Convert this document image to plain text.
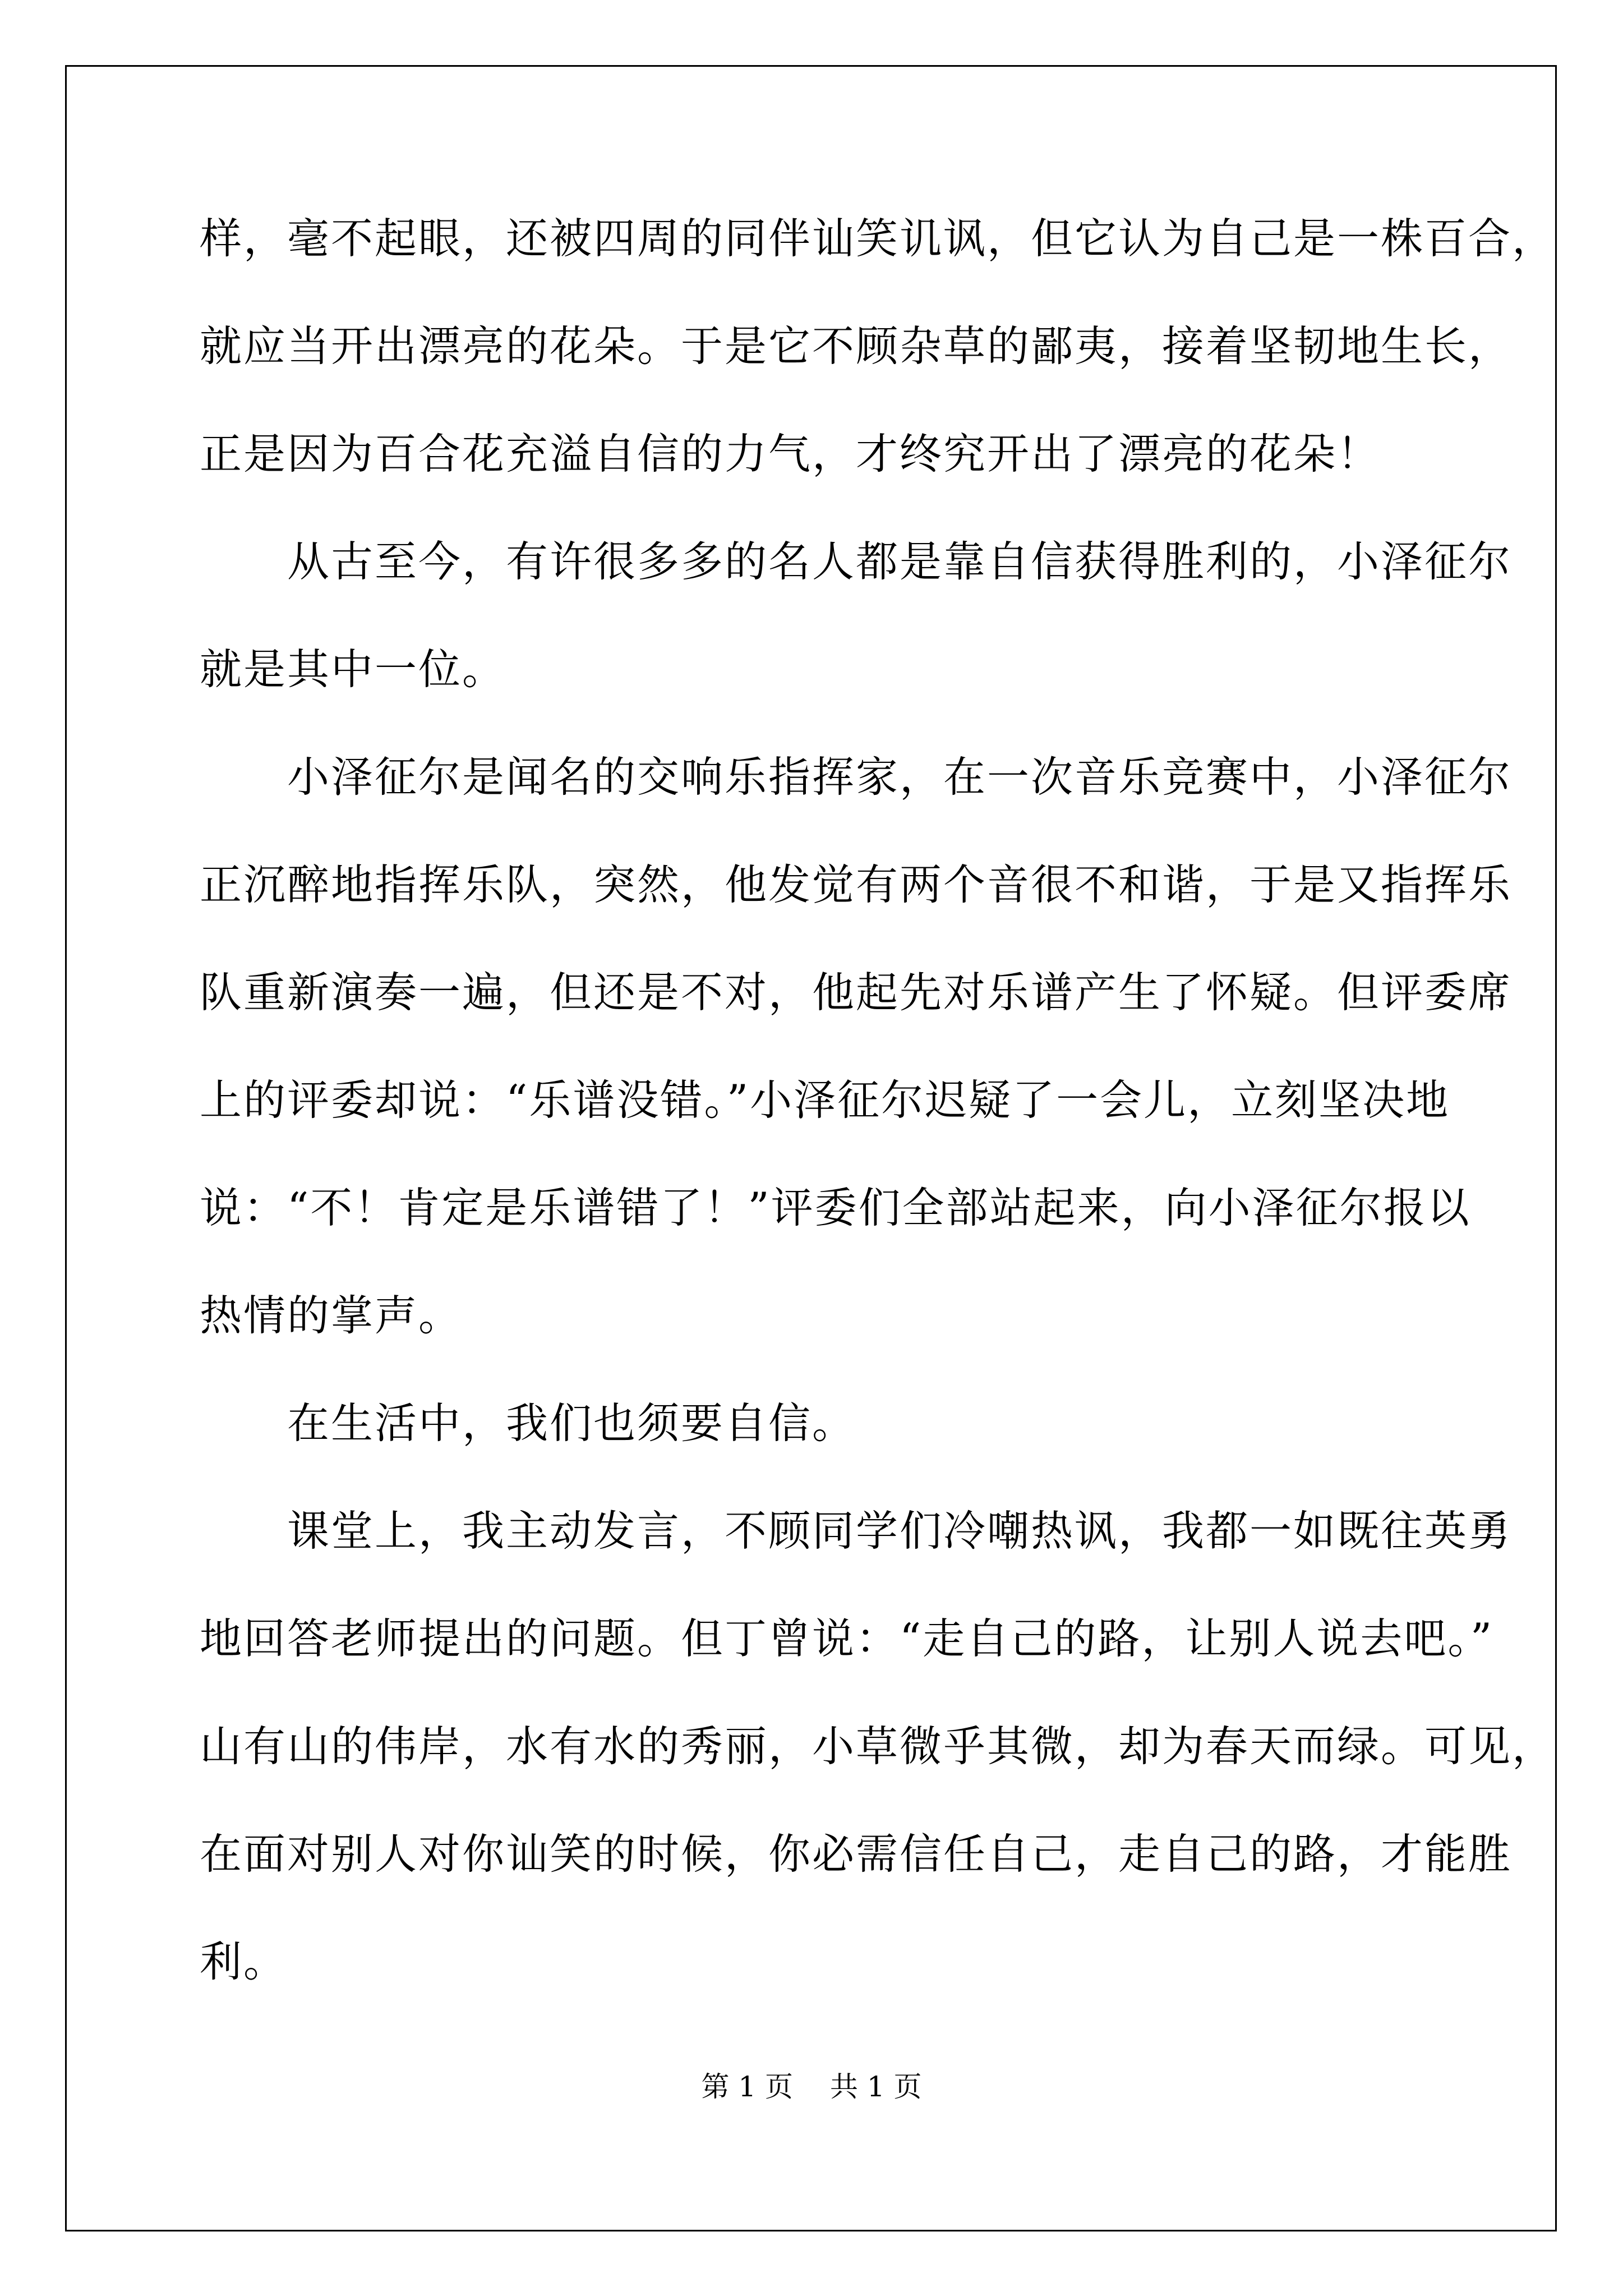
样，毫不起眼，还被四周的同伴讪笑讥讽，但它认为自己是一株百合，
就应当开出漂亮的花朵。于是它不顾杂草的鄙夷，接着坚韧地生长，
正是因为百合花充溢自信的力气，才终究开出了漂亮的花朵！
　　从古至今，有许很多多的名人都是靠自信获得胜利的，小泽征尔
就是其中一位。
　　小泽征尔是闻名的交响乐指挥家，在一次音乐竞赛中，小泽征尔
正沉醉地指挥乐队，突然，他发觉有两个音很不和谐，于是又指挥乐
队重新演奏一遍，但还是不对，他起先对乐谱产生了怀疑。但评委席
上的评委却说：“乐谱没错。”小泽征尔迟疑了一会儿，立刻坚决地
说：“不！肯定是乐谱错了！”评委们全部站起来，向小泽征尔报以
热情的掌声。
　　在生活中，我们也须要自信。
　　课堂上，我主动发言，不顾同学们冷嘲热讽，我都一如既往英勇
地回答老师提出的问题。但丁曾说：“走自己的路，让别人说去吧。”
山有山的伟岸，水有水的秀丽，小草微乎其微，却为春天而绿。可见，
在面对别人对你讪笑的时候，你必需信任自己，走自己的路，才能胜
利。
第 1 页　 共 1 页
